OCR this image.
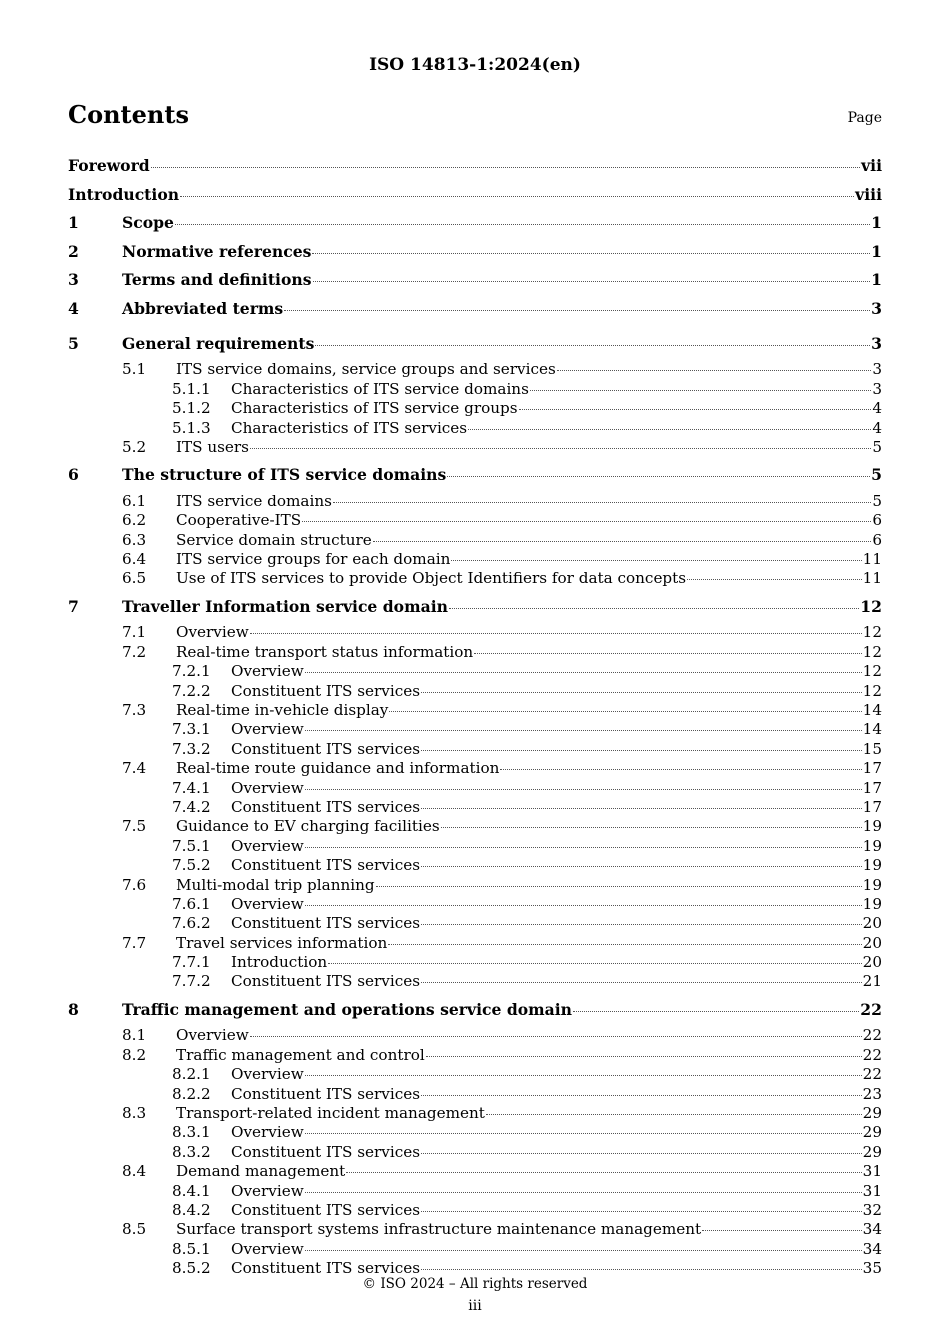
ISO 14813-1:2024(en)
Contents	Page
Foreword	vii
Introduction	viii
1	Scope	1
2	Normative references	1
3	Terms and definitions	1
4	Abbreviated terms	3
5	General requirements	3
5.1	ITS service domains, service groups and services	3
5.1.1	Characteristics of ITS service domains	3
5.1.2	Characteristics of ITS service groups	4
5.1.3	Characteristics of ITS services	4
5.2	ITS users	5
6	The structure of ITS service domains	5
6.1	ITS service domains	5
6.2	Cooperative-ITS	6
6.3	Service domain structure	6
6.4	ITS service groups for each domain	11
6.5	Use of ITS services to provide Object Identifiers for data concepts	11
7	Traveller Information service domain	12
7.1	Overview	12
7.2	Real-time transport status information	12
7.2.1	Overview	12
7.2.2	Constituent ITS services	12
7.3	Real-time in-vehicle display	14
7.3.1	Overview	14
7.3.2	Constituent ITS services	15
7.4	Real-time route guidance and information	17
7.4.1	Overview	17
7.4.2	Constituent ITS services	17
7.5	Guidance to EV charging facilities	19
7.5.1	Overview	19
7.5.2	Constituent ITS services	19
7.6	Multi-modal trip planning	19
7.6.1	Overview	19
7.6.2	Constituent ITS services	20
7.7	Travel services information	20
7.7.1	Introduction	20
7.7.2	Constituent ITS services	21
8	Traffic management and operations service domain	22
8.1	Overview	22
8.2	Traffic management and control	22
8.2.1	Overview	22
8.2.2	Constituent ITS services	23
8.3	Transport-related incident management	29
8.3.1	Overview	29
8.3.2	Constituent ITS services	29
8.4	Demand management	31
8.4.1	Overview	31
8.4.2	Constituent ITS services	32
8.5	Surface transport systems infrastructure maintenance management	34
8.5.1	Overview	34
8.5.2	Constituent ITS services	35
© ISO 2024 – All rights reserved
iii
